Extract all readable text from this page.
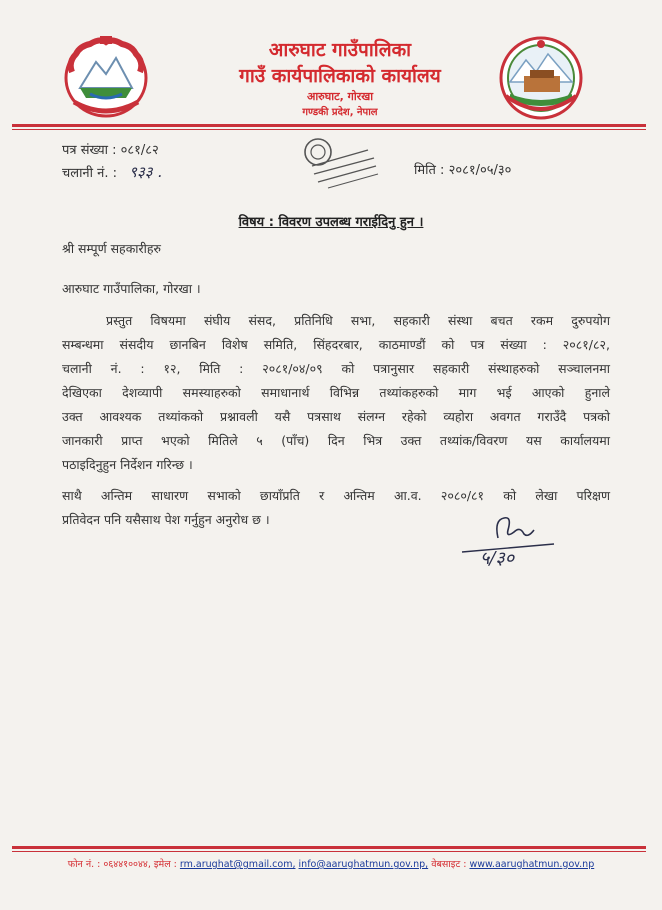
आरुघाट गाउँपालिका
गाउँ कार्यपालिकाको कार्यालय
आरुघाट, गोरखा
गण्डकी प्रदेश, नेपाल
पत्र संख्या : ०८१/८२
चलानी नं. : ९३३ .	मिति : २०८१/०५/३०
विषय : विवरण उपलब्ध गराईदिनु हुन ।
श्री सम्पूर्ण सहकारीहरु
आरुघाट गाउँपालिका, गोरखा ।
प्रस्तुत विषयमा संघीय संसद, प्रतिनिधि सभा, सहकारी संस्था बचत रकम दुरुपयोग
सम्बन्धमा संसदीय छानबिन विशेष समिति, सिंहदरबार, काठमाण्डौं को पत्र संख्या : २०८१/८२,
चलानी नं. : १२, मिति : २०८१/०४/०९ को पत्रानुसार सहकारी संस्थाहरुको सञ्चालनमा
देखिएका देशव्यापी समस्याहरुको समाधानार्थ विभिन्न तथ्यांकहरुको माग भई आएको हुनाले
उक्त आवश्यक तथ्यांकको प्रश्नावली यसै पत्रसाथ संलग्न रहेको व्यहोरा अवगत गराउँदै पत्रको
जानकारी प्राप्त भएको मितिले ५ (पाँच) दिन भित्र उक्त तथ्यांक/विवरण यस कार्यालयमा
पठाइदिनुहुन निर्देशन गरिन्छ ।
साथै अन्तिम साधारण सभाको छायाँप्रति र अन्तिम आ.व. २०८०/८१ को लेखा परिक्षण
प्रतिवेदन पनि यसैसाथ पेश गर्नुहुन अनुरोध छ ।
५/३०
फोन नं. : ०६४४१००४४, इमेल : rm.arughat@gmail.com, info@aarughatmun.gov.np, वेबसाइट : www.aarughatmun.gov.np
